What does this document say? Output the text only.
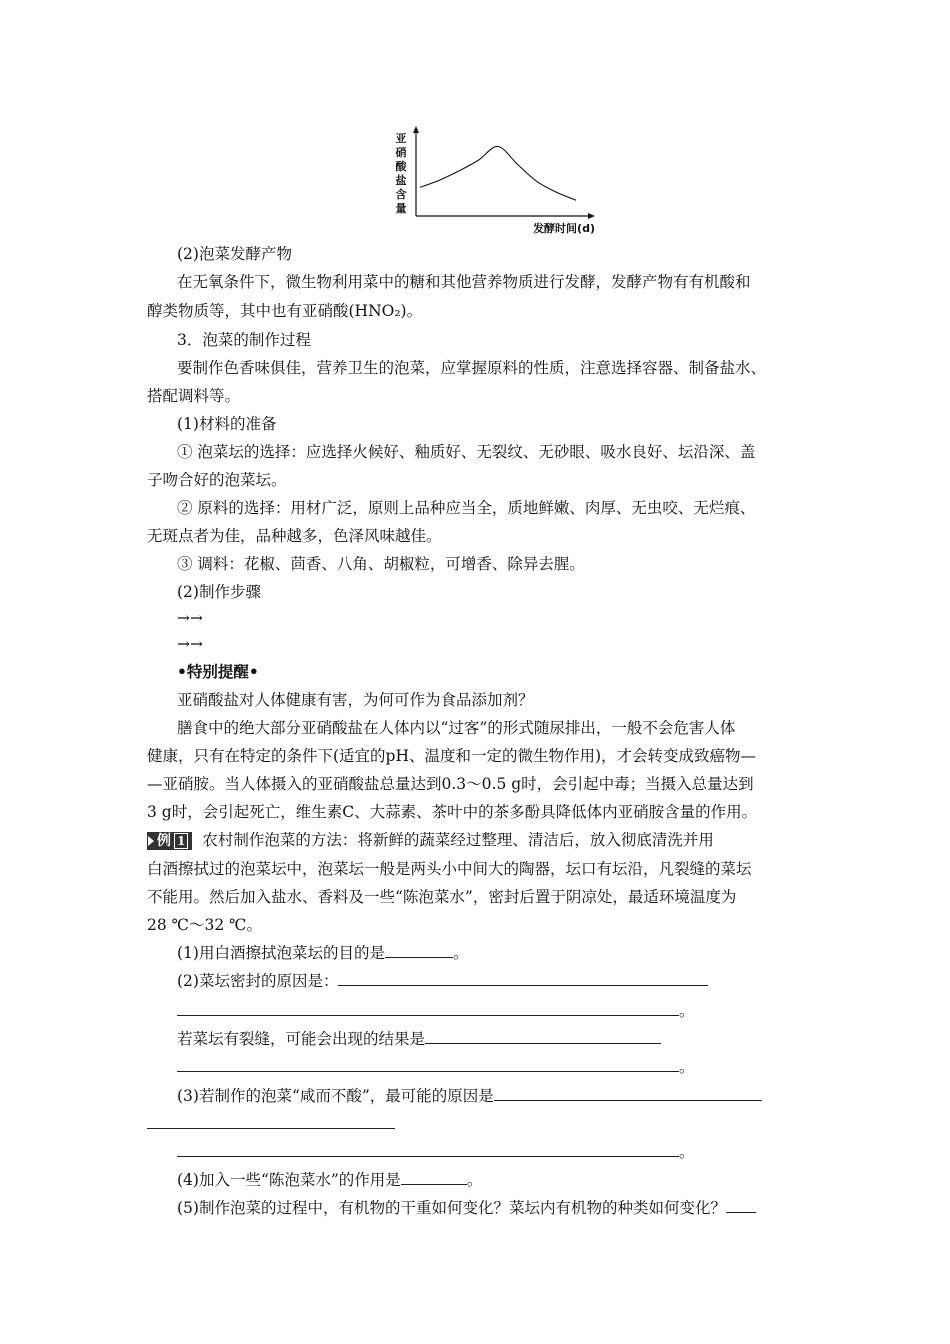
亚
硝
酸
盐
含
量
发酵时间(d)
(2)泡菜发酵产物
在无氧条件下，微生物利用菜中的糖和其他营养物质进行发酵，发酵产物有有机酸和
醇类物质等，其中也有亚硝酸(HNO₂)。
3．泡菜的制作过程
要制作色香味俱佳，营养卫生的泡菜，应掌握原料的性质，注意选择容器、制备盐水、
搭配调料等。
(1)材料的准备
① 泡菜坛的选择：应选择火候好、釉质好、无裂纹、无砂眼、吸水良好、坛沿深、盖
子吻合好的泡菜坛。
② 原料的选择：用材广泛，原则上品种应当全，质地鲜嫩、肉厚、无虫咬、无烂痕、
无斑点者为佳，品种越多，色泽风味越佳。
③ 调料：花椒、茴香、八角、胡椒粒，可增香、除异去腥。
(2)制作步骤
→→
→→
•特别提醒•
亚硝酸盐对人体健康有害，为何可作为食品添加剂？
膳食中的绝大部分亚硝酸盐在人体内以“过客”的形式随尿排出，一般不会危害人体
健康，只有在特定的条件下(适宜的pH、温度和一定的微生物作用)，才会转变成致癌物—
—亚硝胺。当人体摄入的亚硝酸盐总量达到0.3～0.5 g时，会引起中毒；当摄入总量达到
3 g时，会引起死亡，维生素C、大蒜素、茶叶中的茶多酚具降低体内亚硝胺含量的作用。
例 1 农村制作泡菜的方法：将新鲜的蔬菜经过整理、清洁后，放入彻底清洗并用
白酒擦拭过的泡菜坛中，泡菜坛一般是两头小中间大的陶器，坛口有坛沿，凡裂缝的菜坛
不能用。然后加入盐水、香料及一些“陈泡菜水”，密封后置于阴凉处，最适环境温度为
28 ℃～32 ℃。
(1)用白酒擦拭泡菜坛的目的是	。
(2)菜坛密封的原因是：
。
若菜坛有裂缝，可能会出现的结果是
。
(3)若制作的泡菜“咸而不酸”，最可能的原因是
。
(4)加入一些“陈泡菜水”的作用是	。
(5)制作泡菜的过程中，有机物的干重如何变化？菜坛内有机物的种类如何变化？
